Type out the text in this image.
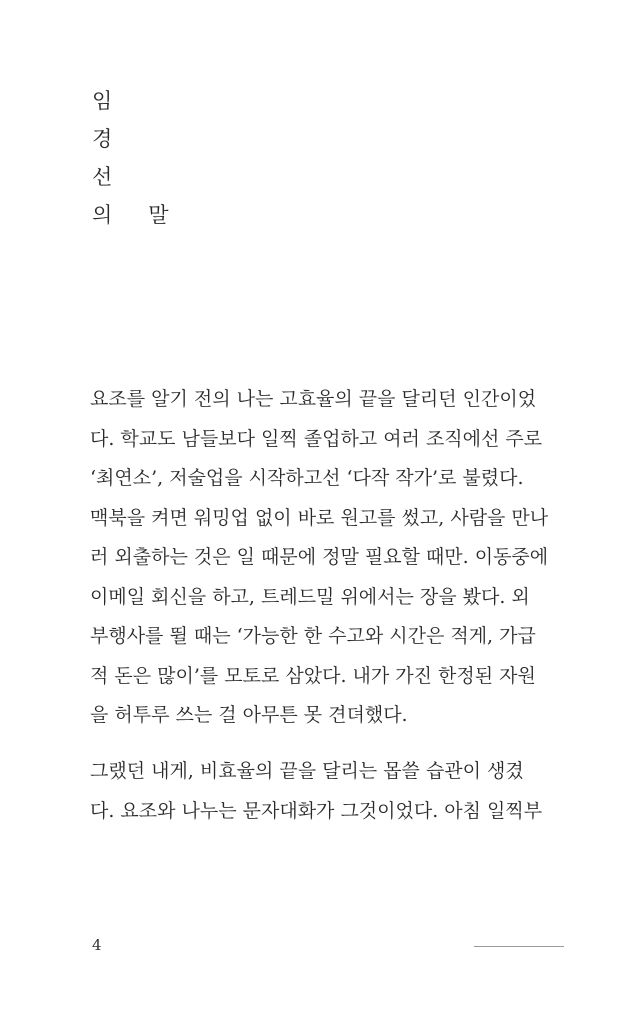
임
경
선
의 말
요조를 알기 전의 나는 고효율의 끝을 달리던 인간이었
다. 학교도 남들보다 일찍 졸업하고 여러 조직에선 주로
‘최연소’, 저술업을 시작하고선 ‘다작 작가’로 불렸다.
맥북을 켜면 워밍업 없이 바로 원고를 썼고, 사람을 만나
러 외출하는 것은 일 때문에 정말 필요할 때만. 이동중에
이메일 회신을 하고, 트레드밀 위에서는 장을 봤다. 외
부행사를 뛸 때는 ‘가능한 한 수고와 시간은 적게, 가급
적 돈은 많이’를 모토로 삼았다. 내가 가진 한정된 자원
을 허투루 쓰는 걸 아무튼 못 견뎌했다.
그랬던 내게, 비효율의 끝을 달리는 몹쓸 습관이 생겼
다. 요조와 나누는 문자대화가 그것이었다. 아침 일찍부
4
